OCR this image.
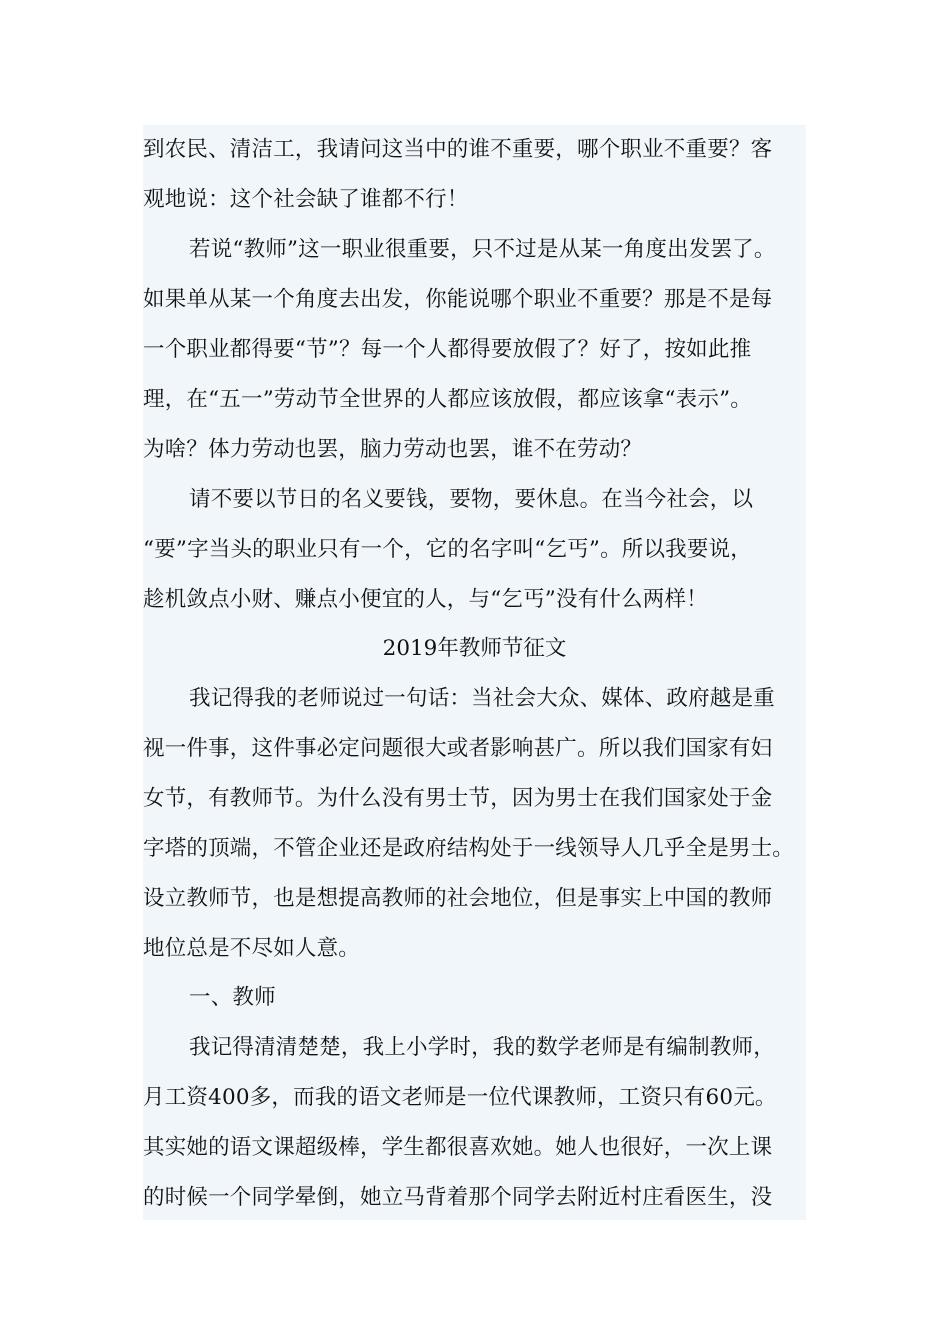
到农民、清洁工，我请问这当中的谁不重要，哪个职业不重要？客
观地说：这个社会缺了谁都不行！
若说“教师”这一职业很重要，只不过是从某一角度出发罢了。
如果单从某一个角度去出发，你能说哪个职业不重要？那是不是每
一个职业都得要“节”？每一个人都得要放假了？好了，按如此推
理，在“五一”劳动节全世界的人都应该放假，都应该拿“表示”。
为啥？体力劳动也罢，脑力劳动也罢，谁不在劳动？
请不要以节日的名义要钱，要物，要休息。在当今社会，以
“要”字当头的职业只有一个，它的名字叫“乞丐”。所以我要说，
趁机敛点小财、赚点小便宜的人，与“乞丐”没有什么两样！
2019年教师节征文
我记得我的老师说过一句话：当社会大众、媒体、政府越是重
视一件事，这件事必定问题很大或者影响甚广。所以我们国家有妇
女节，有教师节。为什么没有男士节，因为男士在我们国家处于金
字塔的顶端，不管企业还是政府结构处于一线领导人几乎全是男士。
设立教师节，也是想提高教师的社会地位，但是事实上中国的教师
地位总是不尽如人意。
一、教师
我记得清清楚楚，我上小学时，我的数学老师是有编制教师，
月工资400多，而我的语文老师是一位代课教师，工资只有60元。
其实她的语文课超级棒，学生都很喜欢她。她人也很好，一次上课
的时候一个同学晕倒，她立马背着那个同学去附近村庄看医生，没
